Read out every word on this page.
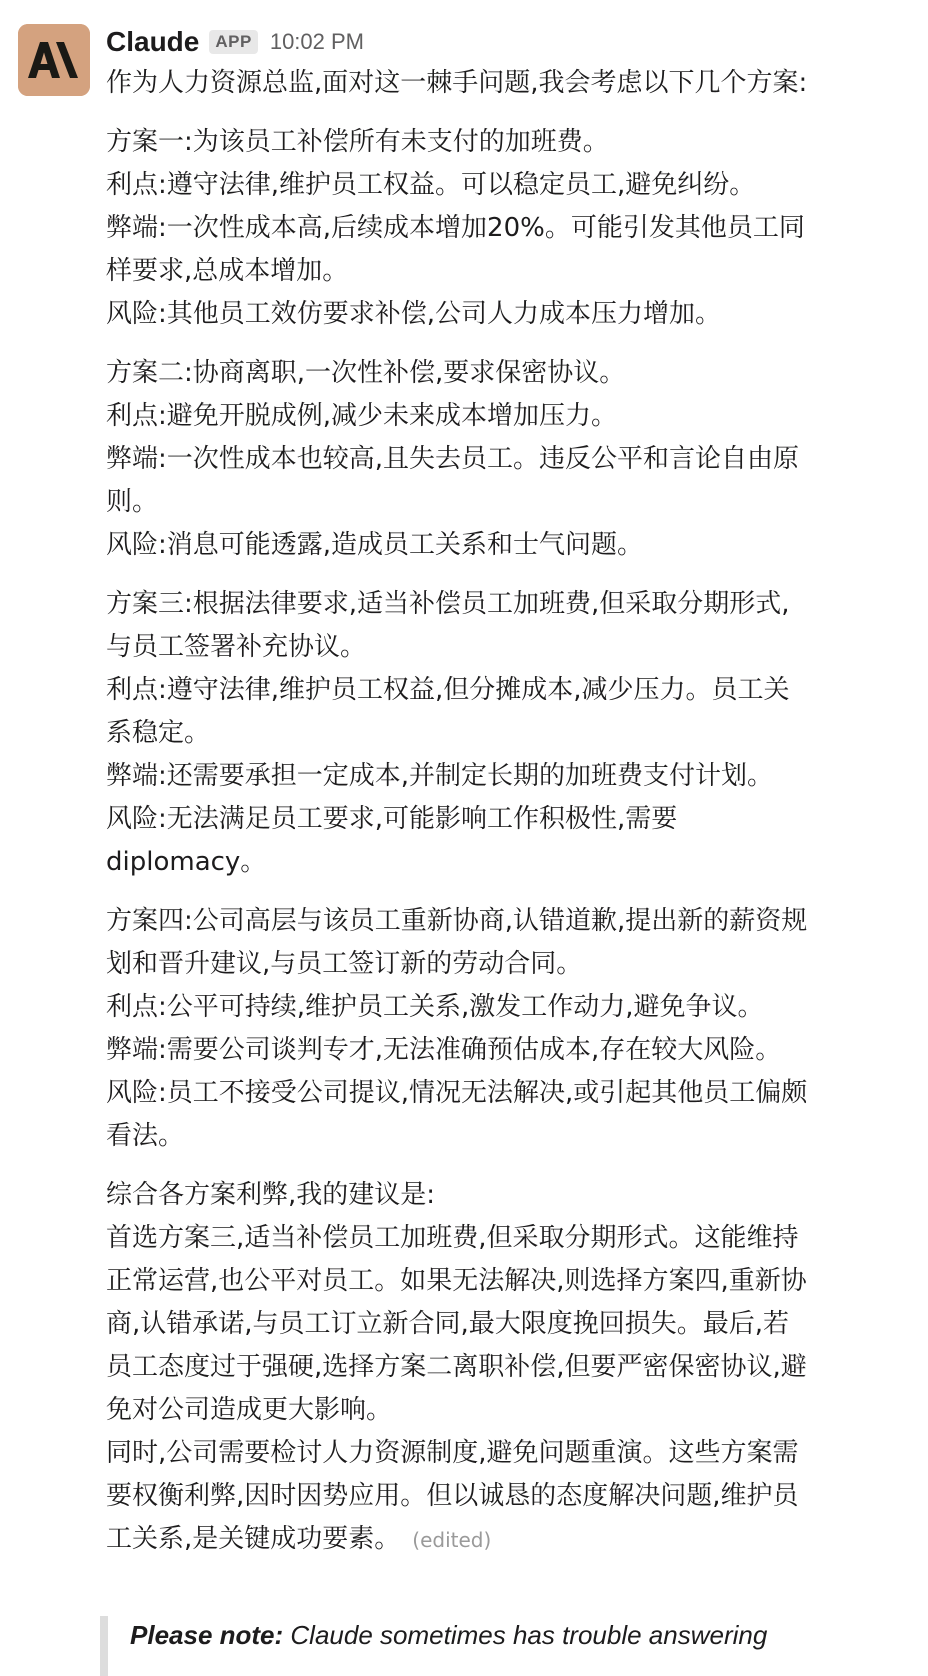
Claude APP 10:02 PM

作为人力资源总监,面对这一棘手问题,我会考虑以下几个方案:

方案一:为该员工补偿所有未支付的加班费。
利点:遵守法律,维护员工权益。可以稳定员工,避免纠纷。
弊端:一次性成本高,后续成本增加20%。可能引发其他员工同
样要求,总成本增加。
风险:其他员工效仿要求补偿,公司人力成本压力增加。

方案二:协商离职,一次性补偿,要求保密协议。
利点:避免开脱成例,减少未来成本增加压力。
弊端:一次性成本也较高,且失去员工。违反公平和言论自由原
则。
风险:消息可能透露,造成员工关系和士气问题。

方案三:根据法律要求,适当补偿员工加班费,但采取分期形式,
与员工签署补充协议。
利点:遵守法律,维护员工权益,但分摊成本,减少压力。员工关
系稳定。
弊端:还需要承担一定成本,并制定长期的加班费支付计划。
风险:无法满足员工要求,可能影响工作积极性,需要
diplomacy。

方案四:公司高层与该员工重新协商,认错道歉,提出新的薪资规
划和晋升建议,与员工签订新的劳动合同。
利点:公平可持续,维护员工关系,激发工作动力,避免争议。
弊端:需要公司谈判专才,无法准确预估成本,存在较大风险。
风险:员工不接受公司提议,情况无法解决,或引起其他员工偏颇
看法。

综合各方案利弊,我的建议是:
首选方案三,适当补偿员工加班费,但采取分期形式。这能维持
正常运营,也公平对员工。如果无法解决,则选择方案四,重新协
商,认错承诺,与员工订立新合同,最大限度挽回损失。最后,若
员工态度过于强硬,选择方案二离职补偿,但要严密保密协议,避
免对公司造成更大影响。
同时,公司需要检讨人力资源制度,避免问题重演。这些方案需
要权衡利弊,因时因势应用。但以诚恳的态度解决问题,维护员
工关系,是关键成功要素。 (edited)

Please note: Claude sometimes has trouble answering
